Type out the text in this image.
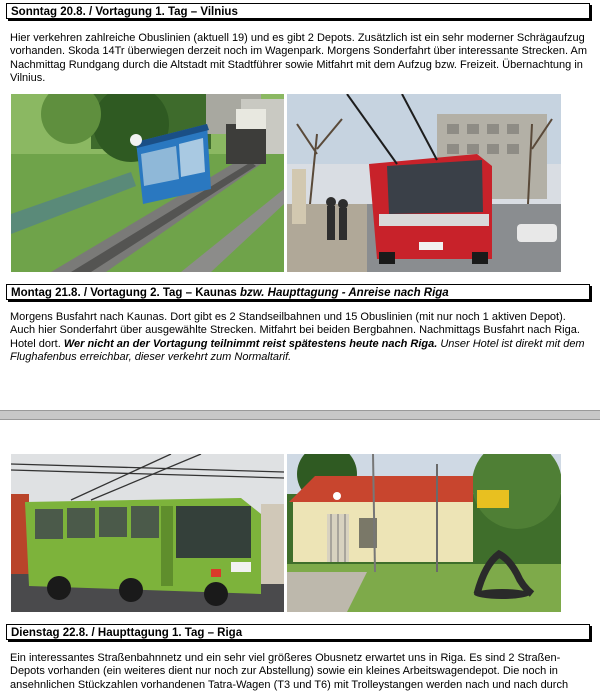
Sonntag 20.8. / Vortagung 1. Tag – Vilnius
Hier verkehren zahlreiche Obuslinien (aktuell 19) und es gibt 2 Depots. Zusätzlich ist ein sehr moderner Schrägaufzug vorhanden. Skoda 14Tr überwiegen derzeit noch im Wagenpark. Morgens Sonderfahrt über interessante Strecken. Am Nachmittag Rundgang durch die Altstadt mit Stadtführer sowie Mitfahrt mit dem Aufzug bzw. Freizeit. Übernachtung in Vilnius.
Montag 21.8. / Vortagung 2. Tag – Kaunas bzw. Haupttagung - Anreise nach Riga
Morgens Busfahrt nach Kaunas. Dort gibt es 2 Standseilbahnen und 15 Obuslinien (mit nur noch 1 aktiven Depot). Auch hier Sonderfahrt über ausgewählte Strecken. Mitfahrt bei beiden Bergbahnen. Nachmittags Busfahrt nach Riga. Hotel dort. Wer nicht an der Vortagung teilnimmt reist spätestens heute nach Riga. Unser Hotel ist direkt mit dem Flughafenbus erreichbar, dieser verkehrt zum Normaltarif.
Dienstag 22.8. / Haupttagung 1. Tag – Riga
Ein interessantes Straßenbahnnetz und ein sehr viel größeres Obusnetz erwartet uns in Riga. Es sind 2 Straßen-Depots vorhanden (ein weiteres dient nur noch zur Abstellung) sowie ein kleines Arbeitswagendepot. Die noch in ansehnlichen Stückzahlen vorhandenen Tatra-Wagen (T3 und T6) mit Trolleystangen werden nach und nach durch
